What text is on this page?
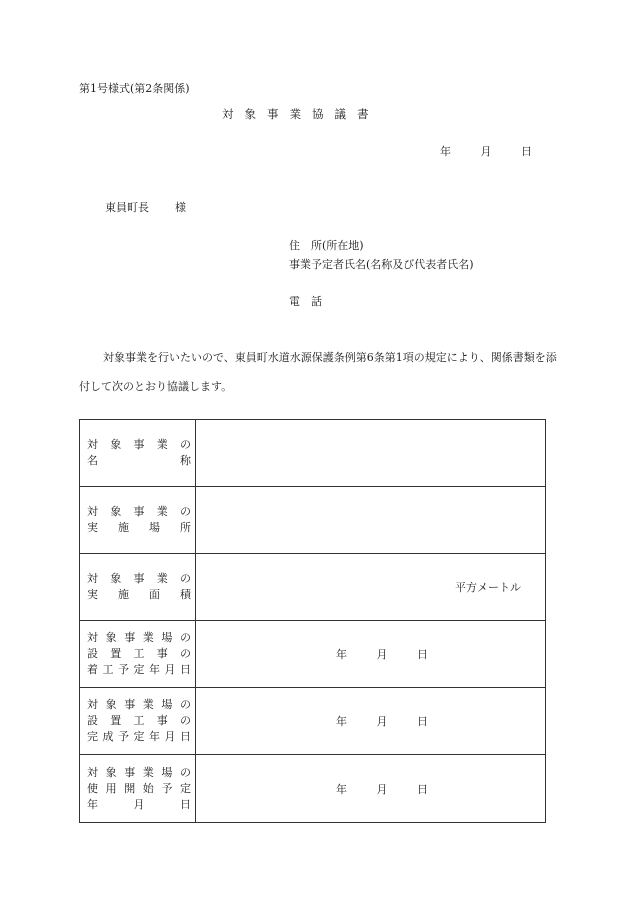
第1号様式(第2条関係)
対象事業協議書
年	月	日
東員町長 様
住　所(所在地)
事業予定者氏名(名称及び代表者氏名)
電　話
対象事業を行いたいので、東員町水道水源保護条例第6条第1項の規定により、関係書類を添付して次のとおり協議します。
対象事業の
名　　称	

対象事業の
実施場所	

対象事業の
実施面積	平方メートル

対象事業場の
設置工事の
着工予定年月日	年 月 日

対象事業場の
設置工事の
完成予定年月日	年 月 日

対象事業場の
使用開始予定
年　　月　　日	年 月 日
